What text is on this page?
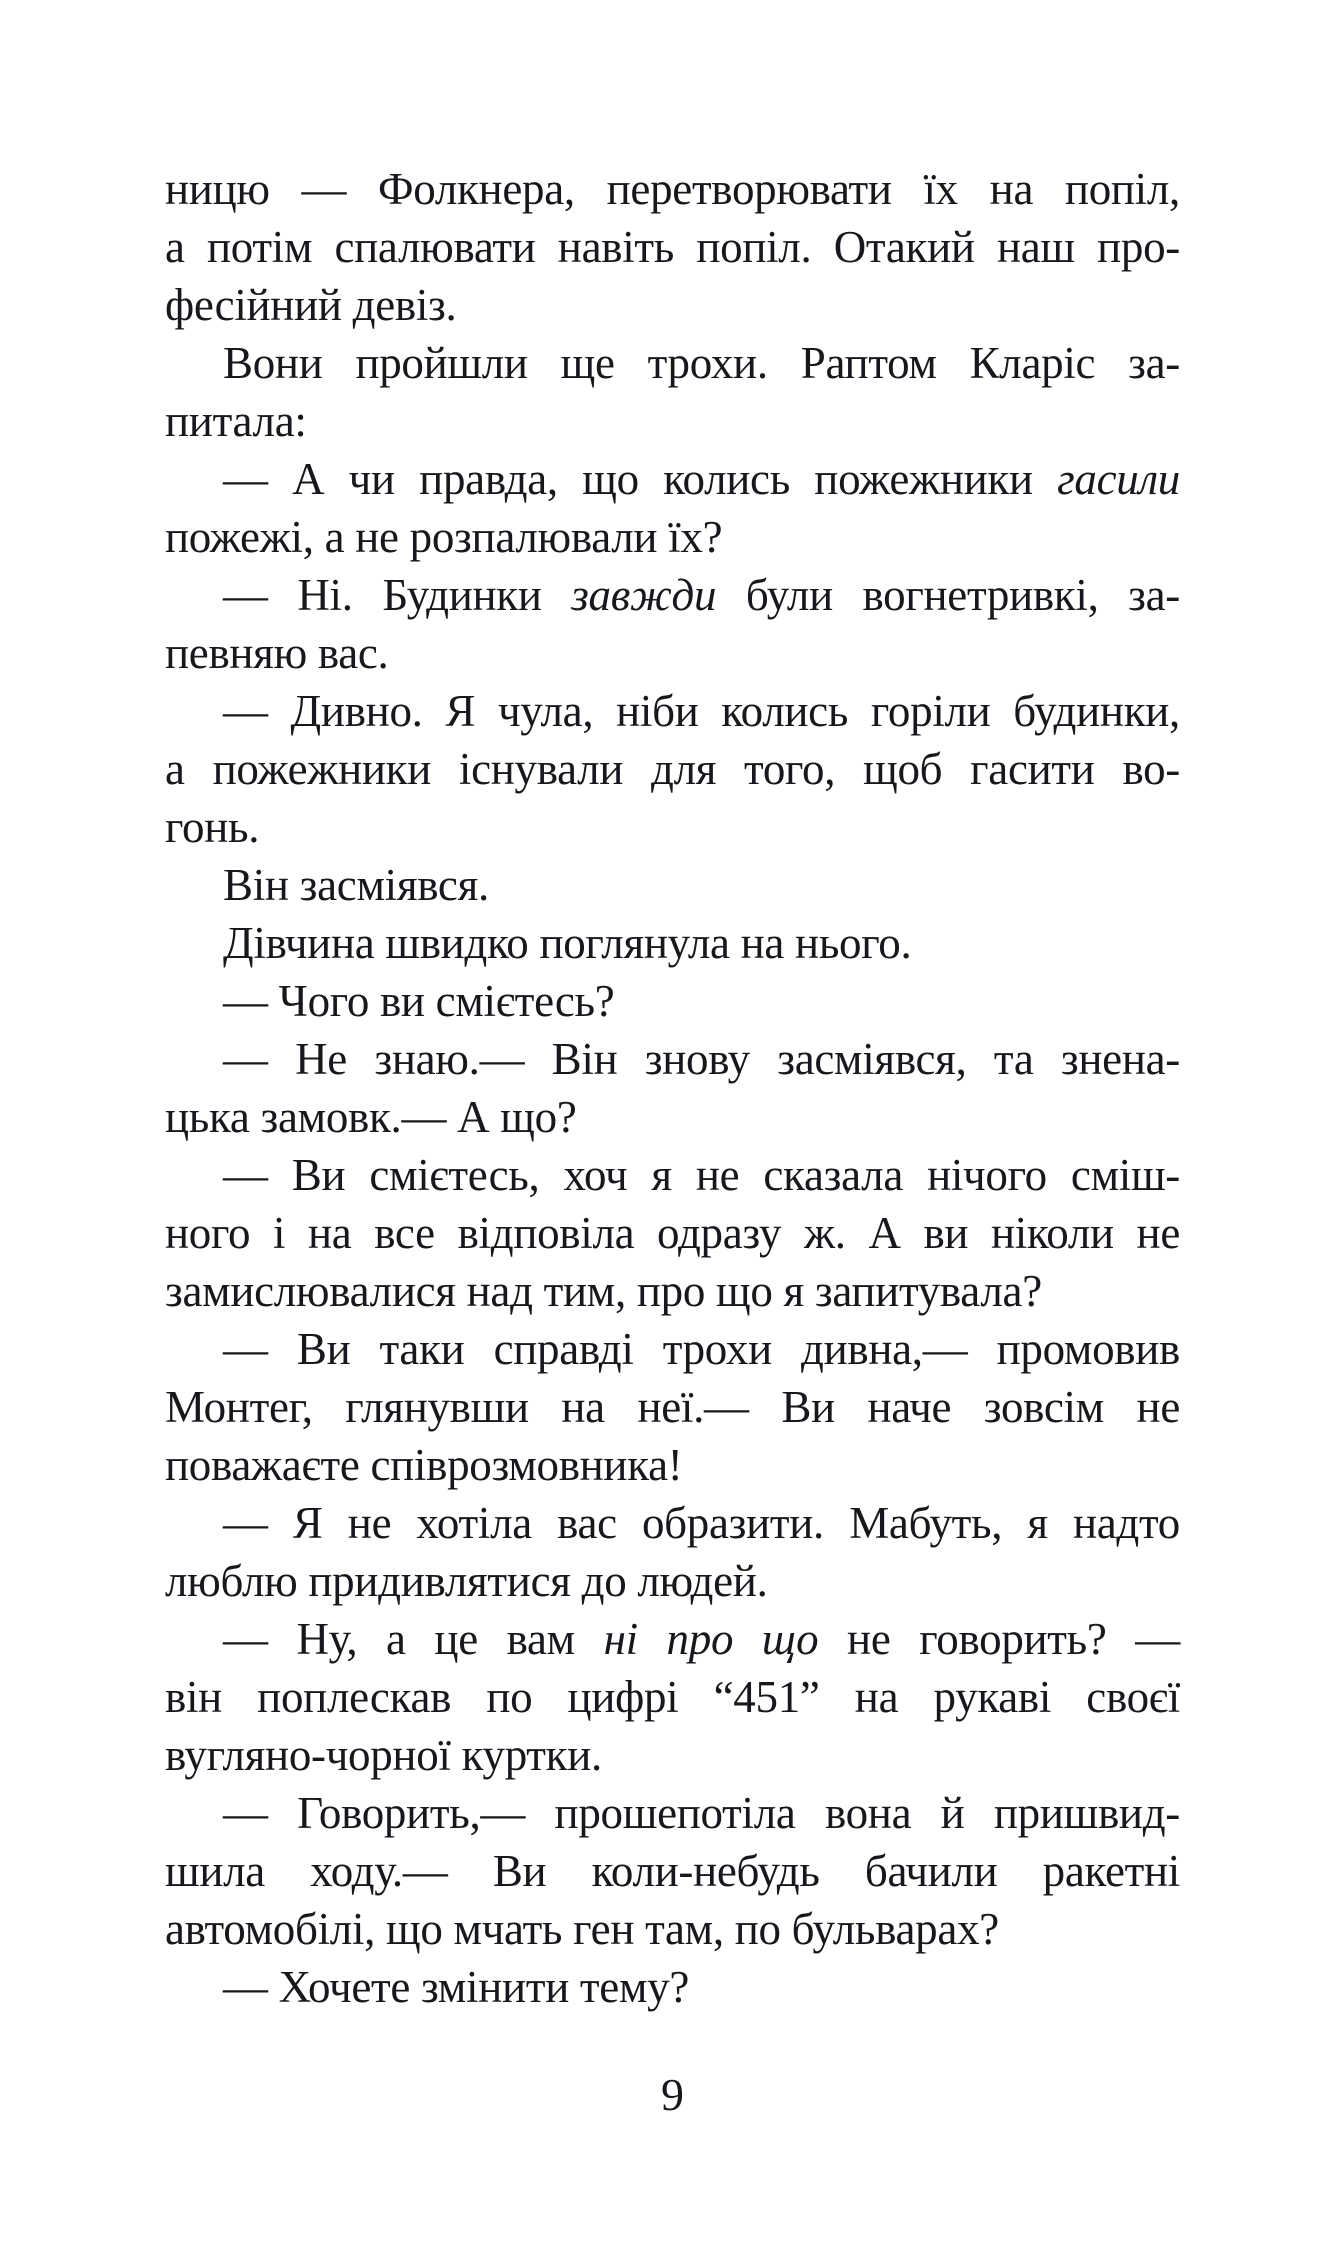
ницю — Фолкнера, перетворювати їх на попіл,
а потім спалювати навіть попіл. Отакий наш про-
фесійний девіз.
Вони пройшли ще трохи. Раптом Кларіс за-
питала:
— А чи правда, що колись пожежники гасили
пожежі, а не розпалювали їх?
— Ні. Будинки завжди були вогнетривкі, за-
певняю вас.
— Дивно. Я чула, ніби колись горіли будинки,
а пожежники існували для того, щоб гасити во-
гонь.
Він засміявся.
Дівчина швидко поглянула на нього.
— Чого ви смієтесь?
— Не знаю.— Він знову засміявся, та знена-
цька замовк.— А що?
— Ви смієтесь, хоч я не сказала нічого сміш-
ного і на все відповіла одразу ж. А ви ніколи не
замислювалися над тим, про що я запитувала?
— Ви таки справді трохи дивна,— промовив
Монтег, глянувши на неї.— Ви наче зовсім не
поважаєте співрозмовника!
— Я не хотіла вас образити. Мабуть, я надто
люблю придивлятися до людей.
— Ну, а це вам ні про що не говорить? —
він поплескав по цифрі “451” на рукаві своєї
вугляно-чорної куртки.
— Говорить,— прошепотіла вона й пришвид-
шила ходу.— Ви коли-небудь бачили ракетні
автомобілі, що мчать ген там, по бульварах?
— Хочете змінити тему?
9
